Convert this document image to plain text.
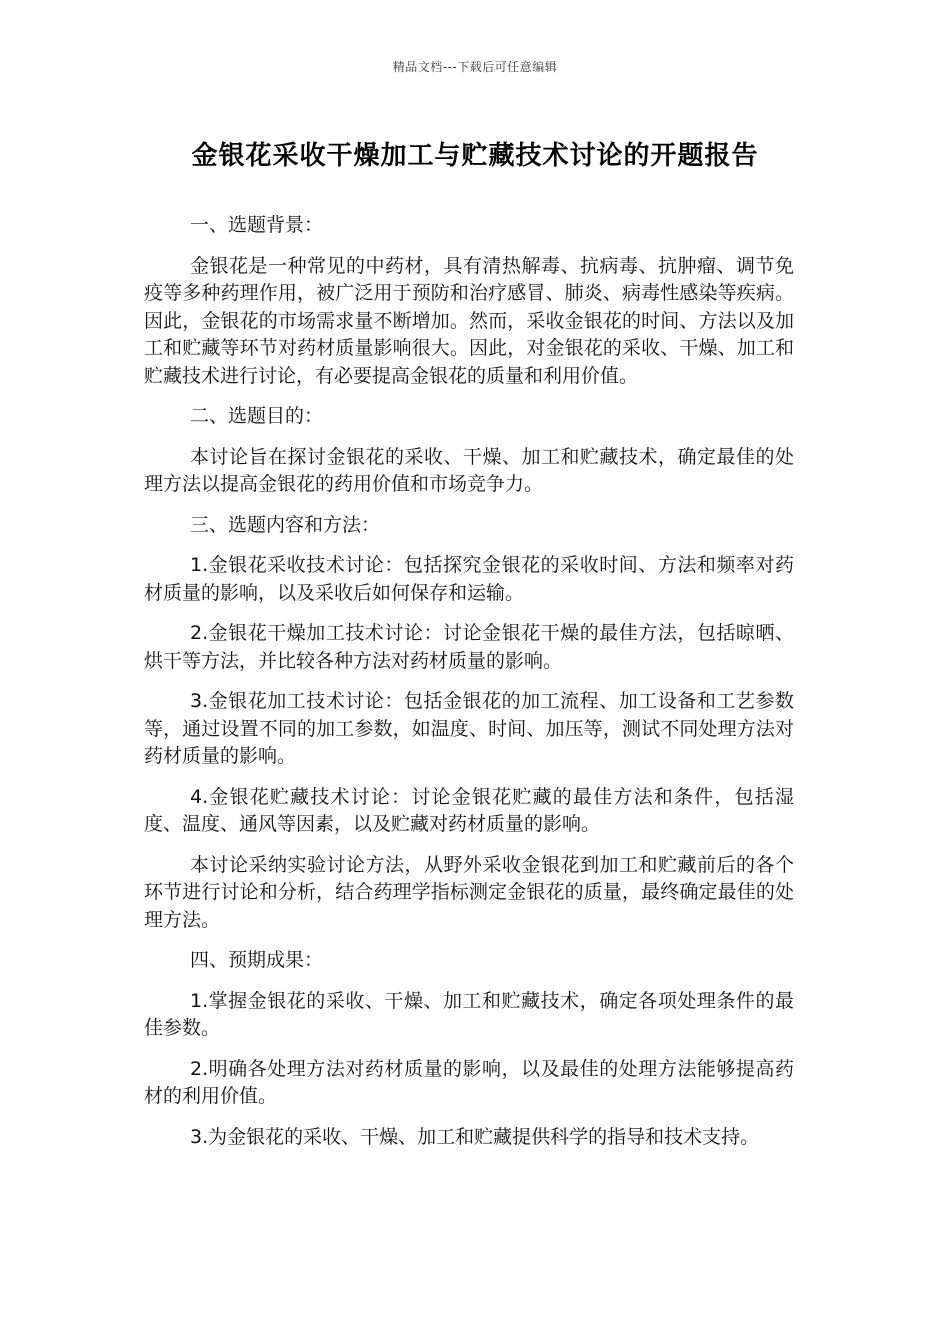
精品文档---下载后可任意编辑
金银花采收干燥加工与贮藏技术讨论的开题报告

一、选题背景：

金银花是一种常见的中药材，具有清热解毒、抗病毒、抗肿瘤、调节免疫等多种药理作用，被广泛用于预防和治疗感冒、肺炎、病毒性感染等疾病。因此，金银花的市场需求量不断增加。然而，采收金银花的时间、方法以及加工和贮藏等环节对药材质量影响很大。因此，对金银花的采收、干燥、加工和贮藏技术进行讨论，有必要提高金银花的质量和利用价值。

二、选题目的：

本讨论旨在探讨金银花的采收、干燥、加工和贮藏技术，确定最佳的处理方法以提高金银花的药用价值和市场竞争力。

三、选题内容和方法：

1.金银花采收技术讨论：包括探究金银花的采收时间、方法和频率对药材质量的影响，以及采收后如何保存和运输。

2.金银花干燥加工技术讨论：讨论金银花干燥的最佳方法，包括晾晒、烘干等方法，并比较各种方法对药材质量的影响。

3.金银花加工技术讨论：包括金银花的加工流程、加工设备和工艺参数等，通过设置不同的加工参数，如温度、时间、加压等，测试不同处理方法对药材质量的影响。

4.金银花贮藏技术讨论：讨论金银花贮藏的最佳方法和条件，包括湿度、温度、通风等因素，以及贮藏对药材质量的影响。

本讨论采纳实验讨论方法，从野外采收金银花到加工和贮藏前后的各个环节进行讨论和分析，结合药理学指标测定金银花的质量，最终确定最佳的处理方法。

四、预期成果：

1.掌握金银花的采收、干燥、加工和贮藏技术，确定各项处理条件的最佳参数。

2.明确各处理方法对药材质量的影响，以及最佳的处理方法能够提高药材的利用价值。

3.为金银花的采收、干燥、加工和贮藏提供科学的指导和技术支持。
